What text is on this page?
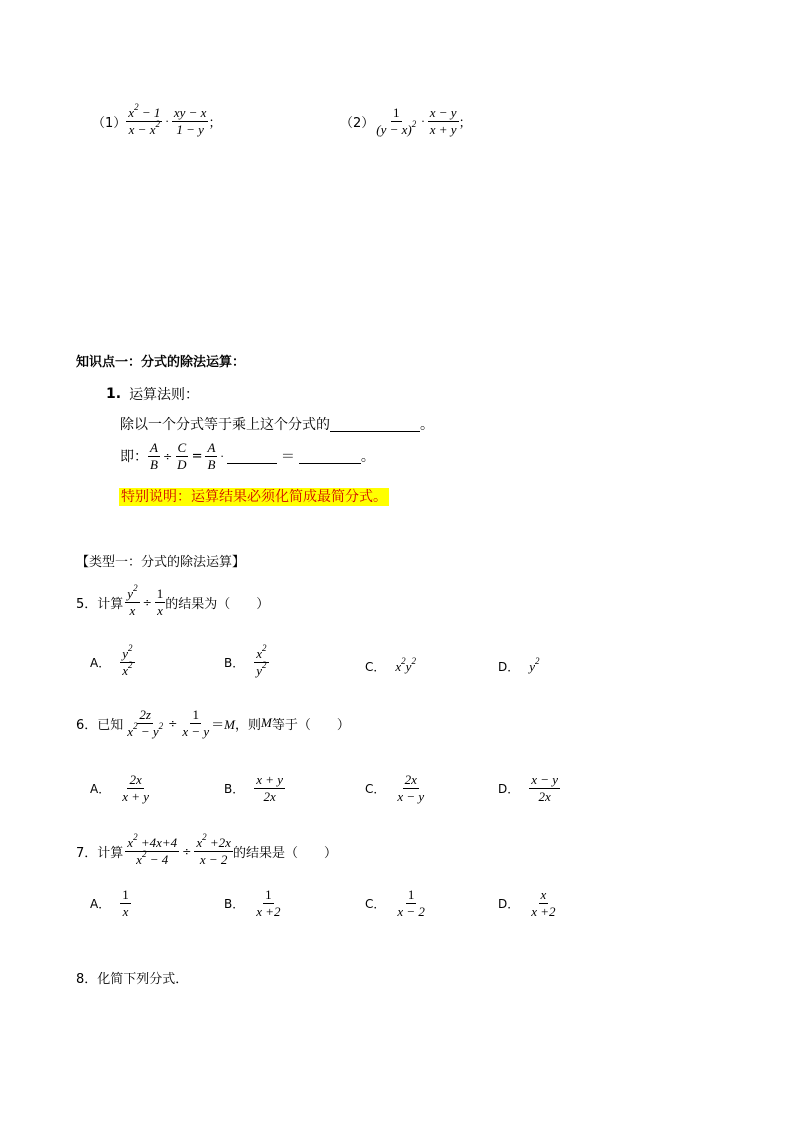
$(1) \frac{x^2 - 1}{x - x^2} \cdot \frac{xy - x}{1 - y}$ ；	$(2) \frac{1}{(y - x)^2} \cdot \frac{x - y}{x + y}$ ；
知识点一：分式的除法运算：
1. 运算法则：
除以一个分式等于乘上这个分式的	。
即： $\frac{A}{B} \div \frac{C}{D} = \frac{A}{B}$ ·	＝	。
特别说明：运算结果必须化简成最简分式。
【类型一：分式的除法运算】
5．计算 $\frac{y^2}{x} \div \frac{1}{x}$ 的结果为（　　）
A． $\frac{y^2}{x^2}$	B． $\frac{x^2}{y^2}$	C． $x^2y^2$	D． $y^2$
6．已知 $\frac{2z}{x^2 - y^2} \div \frac{1}{x - y} =M$ ，则 M 等于（　　）
A． $\frac{2x}{x + y}$	B． $\frac{x + y}{2x}$	C． $\frac{2x}{x - y}$	D． $\frac{x - y}{2x}$
7．计算 $\frac{x^2 +4x+4}{x^2 - 4} \div \frac{x^2 +2x}{x - 2}$ 的结果是（　　）
A． $\frac{1}{x}$	B． $\frac{1}{x +2}$	C． $\frac{1}{x - 2}$	D． $\frac{x}{x +2}$
8．化简下列分式．
